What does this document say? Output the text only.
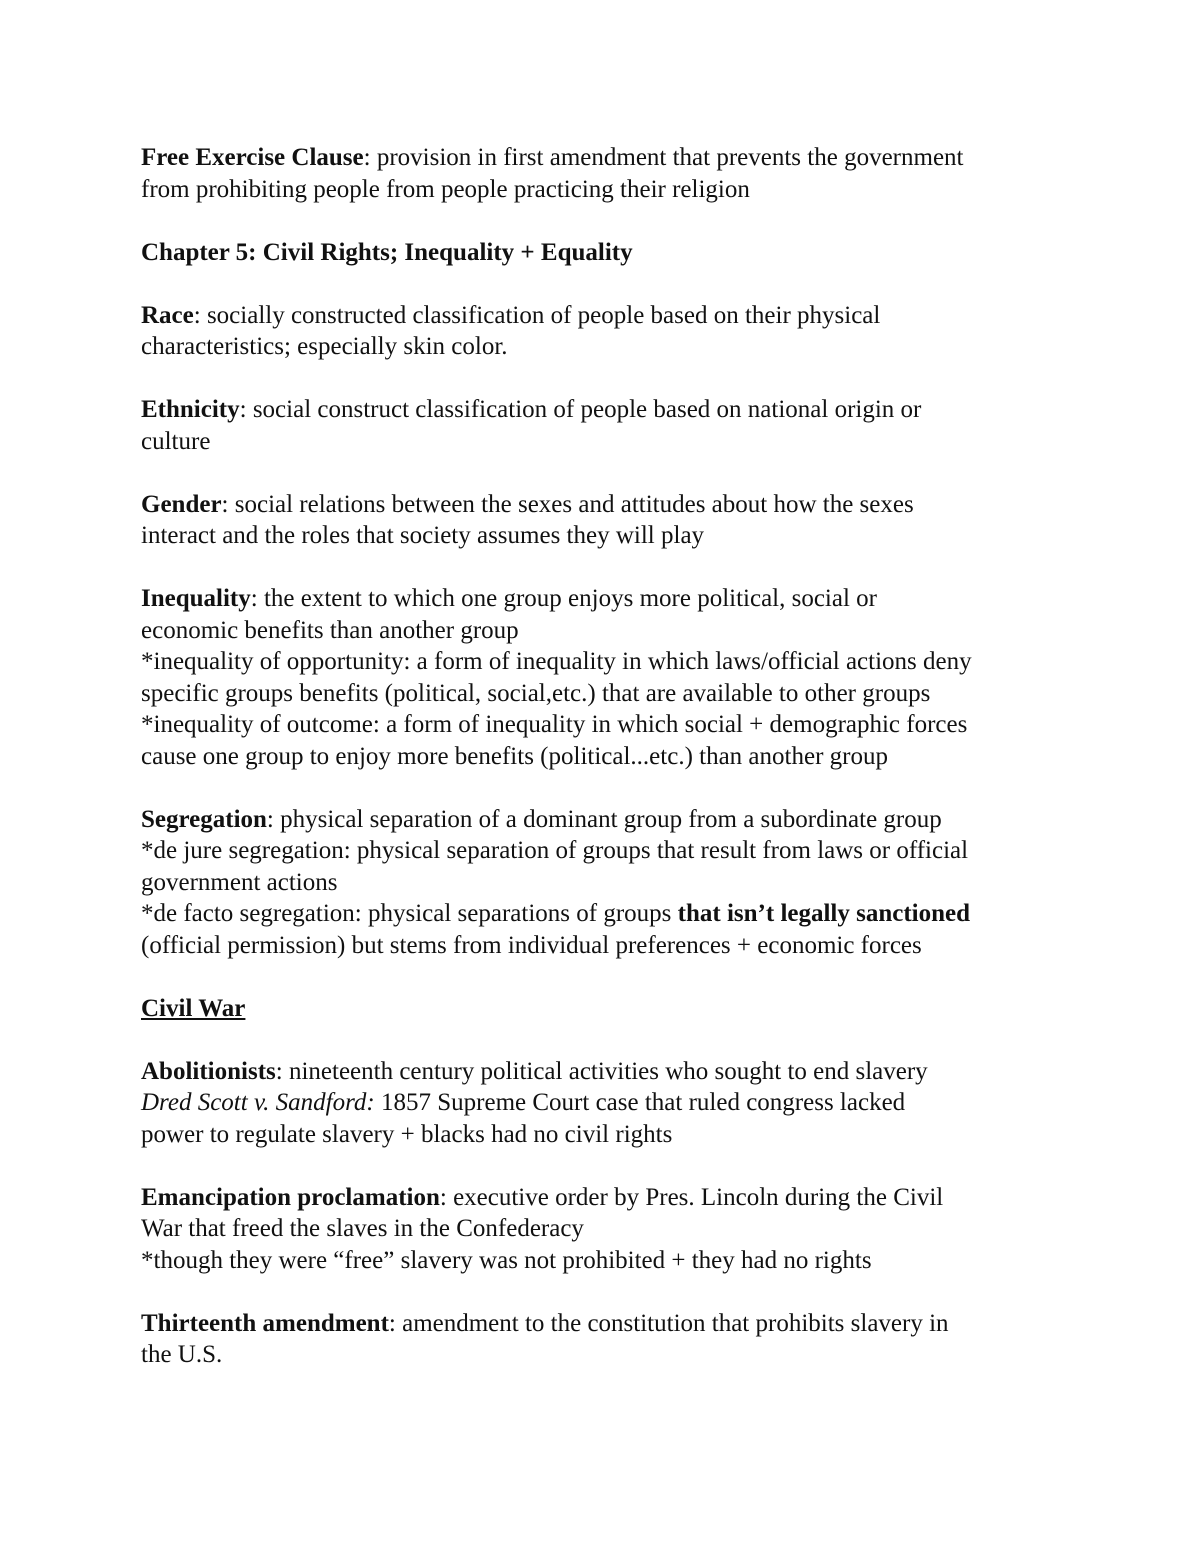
Free Exercise Clause: provision in first amendment that prevents the government
from prohibiting people from people practicing their religion
Chapter 5: Civil Rights; Inequality + Equality
Race: socially constructed classification of people based on their physical
characteristics; especially skin color.
Ethnicity: social construct classification of people based on national origin or
culture
Gender: social relations between the sexes and attitudes about how the sexes
interact and the roles that society assumes they will play
Inequality: the extent to which one group enjoys more political, social or
economic benefits than another group
*inequality of opportunity: a form of inequality in which laws/official actions deny
specific groups benefits (political, social,etc.) that are available to other groups
*inequality of outcome: a form of inequality in which social + demographic forces
cause one group to enjoy more benefits (political...etc.) than another group
Segregation: physical separation of a dominant group from a subordinate group
*de jure segregation: physical separation of groups that result from laws or official
government actions
*de facto segregation: physical separations of groups that isn’t legally sanctioned
(official permission) but stems from individual preferences + economic forces
Civil War
Abolitionists: nineteenth century political activities who sought to end slavery
Dred Scott v. Sandford: 1857 Supreme Court case that ruled congress lacked
power to regulate slavery + blacks had no civil rights
Emancipation proclamation: executive order by Pres. Lincoln during the Civil
War that freed the slaves in the Confederacy
*though they were “free” slavery was not prohibited + they had no rights
Thirteenth amendment: amendment to the constitution that prohibits slavery in
the U.S.
